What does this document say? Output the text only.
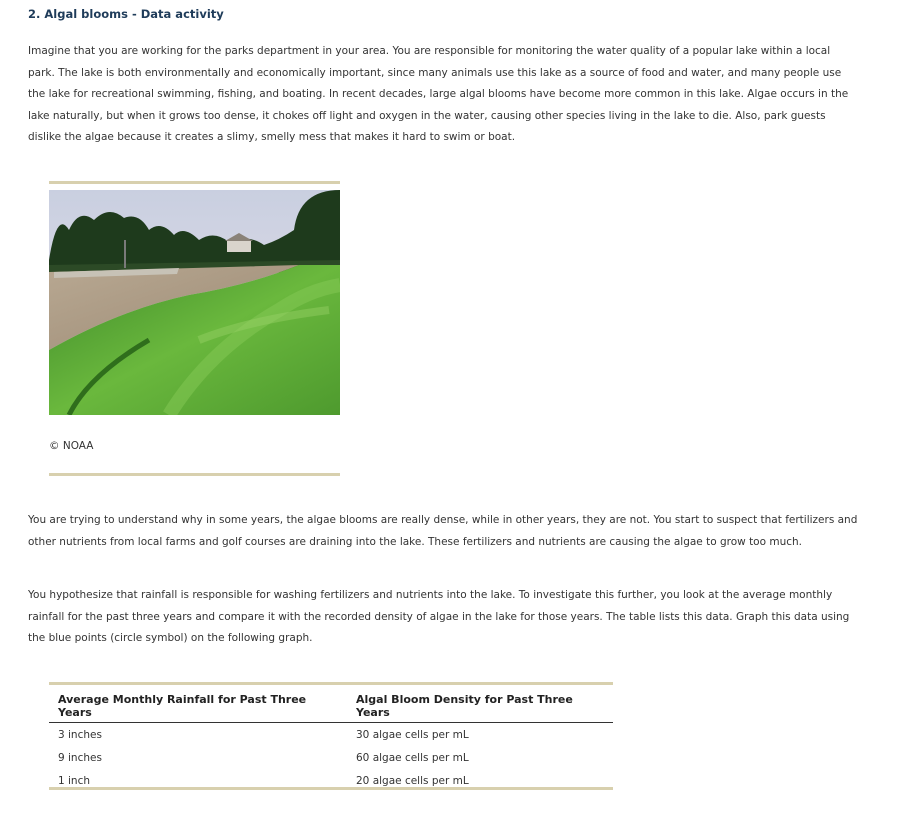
2. Algal blooms - Data activity

Imagine that you are working for the parks department in your area. You are responsible for monitoring the water quality of a popular lake within a local park. The lake is both environmentally and economically important, since many animals use this lake as a source of food and water, and many people use the lake for recreational swimming, fishing, and boating. In recent decades, large algal blooms have become more common in this lake. Algae occurs in the lake naturally, but when it grows too dense, it chokes off light and oxygen in the water, causing other species living in the lake to die. Also, park guests dislike the algae because it creates a slimy, smelly mess that makes it hard to swim or boat.

© NOAA

You are trying to understand why in some years, the algae blooms are really dense, while in other years, they are not. You start to suspect that fertilizers and other nutrients from local farms and golf courses are draining into the lake. These fertilizers and nutrients are causing the algae to grow too much.

You hypothesize that rainfall is responsible for washing fertilizers and nutrients into the lake. To investigate this further, you look at the average monthly rainfall for the past three years and compare it with the recorded density of algae in the lake for those years. The table lists this data. Graph this data using the blue points (circle symbol) on the following graph.

Average Monthly Rainfall for Past Three Years	Algal Bloom Density for Past Three Years
3 inches	30 algae cells per mL
9 inches	60 algae cells per mL
1 inch	20 algae cells per mL
